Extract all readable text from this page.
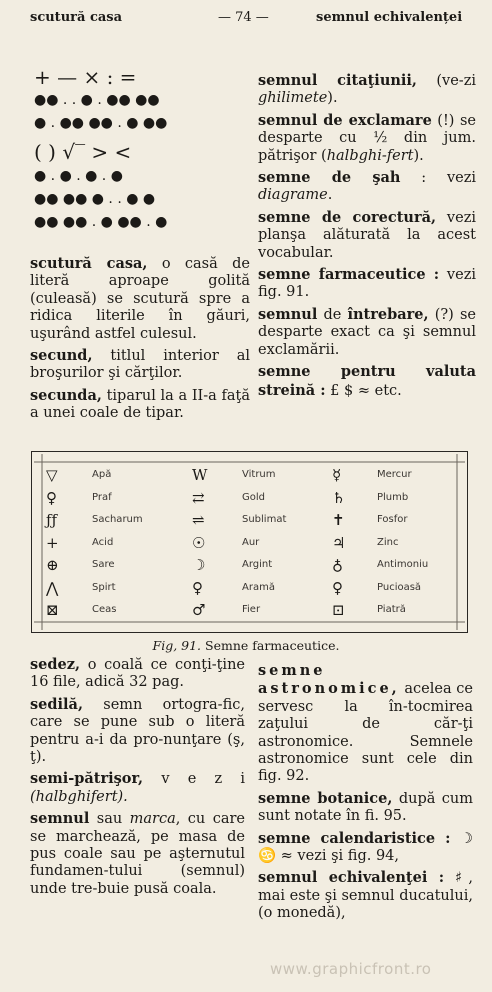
scutură casa	— 74 —	semnul echivalenței
+ — × : =
●● . . ● . ●● ●●
● . ●● ●● . ● ●●
( ) √‾ > <
● . ● . ● . ●
●● ●● ● . . ● ●
●● ●● . ● ●● . ●

scutură casa, o casă de literă aproape golită (culeasă) se scutură spre a ridica literile în găuri, uşurând astfel culesul.

secund, titlul interior al broşurilor şi cărţilor.

secunda, tiparul la a II-a faţă a unei coale de tipar.

semnul citaţiunii, (ve-zi ghilimete).

semnul de exclamare (!) se desparte cu ½ din jum. pătrişor (halbghi-fert).

semne de şah : vezi diagrame.

semne de corectură, vezi planşa alăturată la acest vocabular.

semne farmaceutice : vezi fig. 91.

semnul de întrebare, (?) se desparte exact ca şi semnul exclamării.

semne pentru valuta streină : £ $ ≈ etc.

▽	Apă	W	Vitrum	☿	Mercur
♀	Praf	⇄	Gold	♄	Plumb
ƒƒ	Sacharum	⇌	Sublimat	✝	Fosfor
+	Acid	☉	Aur	♃	Zinc
⊕	Sare	☽	Argint	♁	Antimoniu
⋀	Spirt	♀	Aramă	♀	Pucioasă
⊠	Ceas	♂	Fier	⊡	Piatră
Fig, 91. Semne farmaceutice.

sedez, o coală ce conţi-ţine 16 file, adică 32 pag.

sedilă, semn ortogra-fic, care se pune sub o literă pentru a-i da pro-nunţare (ş, ţ).

semi-pătrişor, v e z i (halbghifert).

semnul sau marca, cu care se marchează, pe masa de pus coale sau pe aşternutul fundamen-tului (semnul) unde tre-buie pusă coala.

semne astronomice, acelea ce servesc la în-tocmirea zaţului de căr-ţi astronomice. Semnele astronomice sunt cele din fig. 92.

semne botanice, după cum sunt notate în fi. 95.

semne calendaristice : ☽ ♋ ≈ vezi şi fig. 94,

semnul echivalenţei : ♯, mai este şi semnul ducatului, (o monedă),

www.graphicfront.ro
